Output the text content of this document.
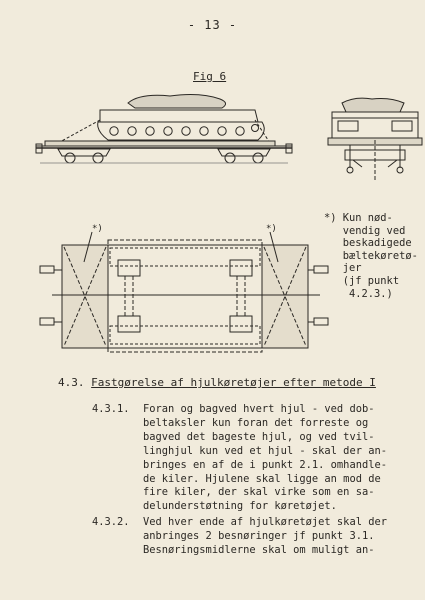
- 13 -
Fig 6
*)	*)
*) Kun nød-
vendig ved
beskadigede
bæltekøretø-
jer
(jf punkt
4.2.3.)
4.3. Fastgørelse af hjulkøretøjer efter metode I
4.3.1. Foran og bagved hvert hjul - ved dob-
beltaksler kun foran det forreste og
bagved det bageste hjul, og ved tvil-
linghjul kun ved et hjul - skal der an-
bringes en af de i punkt 2.1. omhandle-
de kiler. Hjulene skal ligge an mod de
fire kiler, der skal virke som en sa-
delunderstøtning for køretøjet.
4.3.2. Ved hver ende af hjulkøretøjet skal der
anbringes 2 besnøringer jf punkt 3.1.
Besnøringsmidlerne skal om muligt an-
